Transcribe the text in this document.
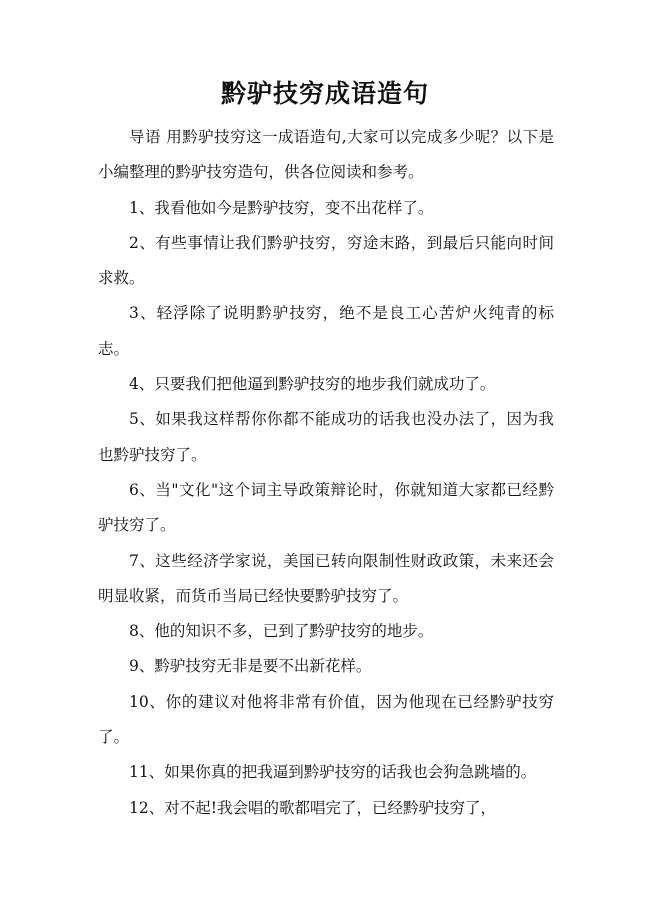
黔驴技穷成语造句

导语 用黔驴技穷这一成语造句,大家可以完成多少呢？以下是小编整理的黔驴技穷造句，供各位阅读和参考。

1、我看他如今是黔驴技穷，变不出花样了。

2、有些事情让我们黔驴技穷，穷途末路，到最后只能向时间求救。

3、轻浮除了说明黔驴技穷，绝不是良工心苦炉火纯青的标志。

4、只要我们把他逼到黔驴技穷的地步我们就成功了。

5、如果我这样帮你你都不能成功的话我也没办法了，因为我也黔驴技穷了。

6、当"文化"这个词主导政策辩论时，你就知道大家都已经黔驴技穷了。

7、这些经济学家说，美国已转向限制性财政政策，未来还会明显收紧，而货币当局已经快要黔驴技穷了。

8、他的知识不多，已到了黔驴技穷的地步。

9、黔驴技穷无非是要不出新花样。

10、你的建议对他将非常有价值，因为他现在已经黔驴技穷了。

11、如果你真的把我逼到黔驴技穷的话我也会狗急跳墙的。

12、对不起!我会唱的歌都唱完了，已经黔驴技穷了，
